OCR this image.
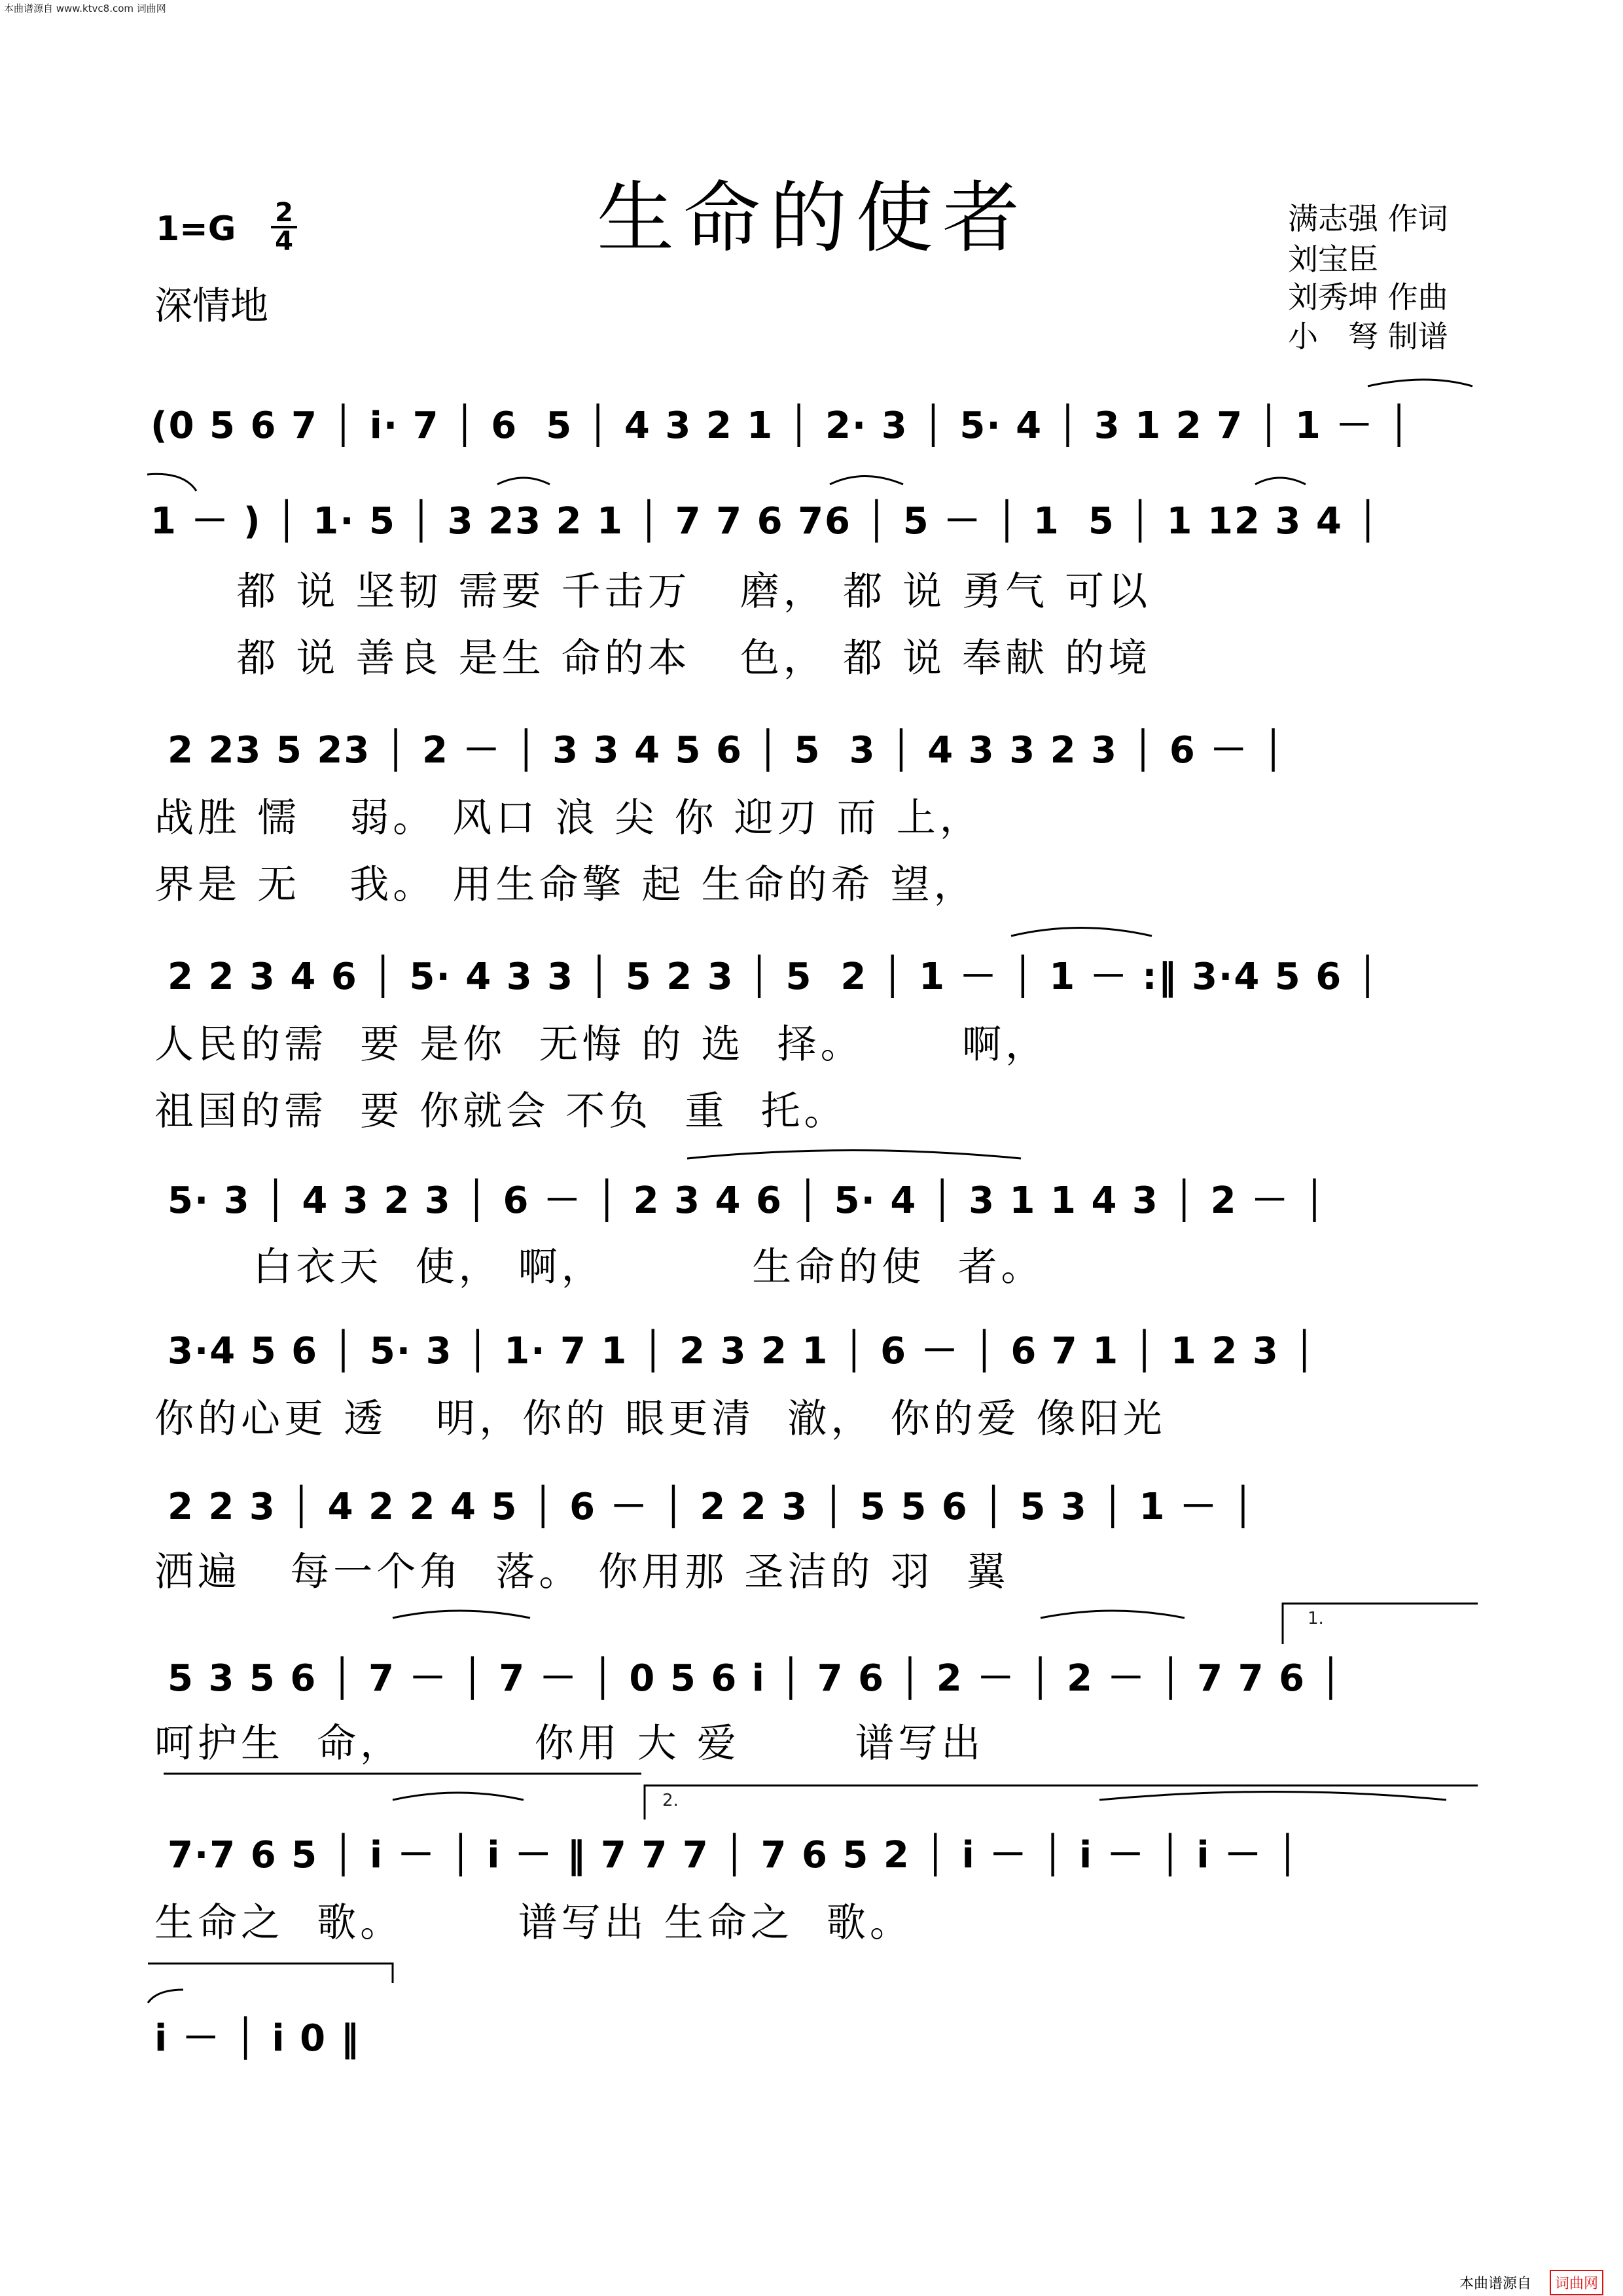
本曲谱源自 www.ktvc8.com 词曲网
生命的使者
$1=G \frac{2}{4}$
深情地
满志强 作词
刘宝臣
刘秀坤 作曲
小　弩 制谱
(0 5 6 7 │ i· 7 │ 6  5 │ 4 3 2 1 │ 2· 3 │ 5· 4 │ 3 1 2 7 │ 1 － │
1 － ) │ 1· 5 │ 3 23 2 1 │ 7 7 6 76 │ 5 － │ 1  5 │ 1 12 3 4 │
都 说 坚韧 需要 千击万   磨， 都 说 勇气 可以
都 说 善良 是生 命的本   色， 都 说 奉献 的境
2 23 5 23 │ 2 － │ 3 3 4 5 6 │ 5  3 │ 4 3 3 2 3 │ 6 － │
战胜 懦   弱。 风口 浪 尖 你 迎刃 而 上，
界是 无   我。 用生命擎 起 生命的希 望，
2 2 3 4 6 │ 5· 4 3 3 │ 5 2 3 │ 5  2 │ 1 － │ 1 － :‖ 3·4 5 6 │
人民的需  要 是你  无悔 的 选  择。      啊，
祖国的需  要 你就会 不负  重  托。
5· 3 │ 4 3 2 3 │ 6 － │ 2 3 4 6 │ 5· 4 │ 3 1 1 4 3 │ 2 － │
白衣天  使， 啊，         生命的使  者。
3·4 5 6 │ 5· 3 │ 1· 7 1 │ 2 3 2 1 │ 6 － │ 6 7 1 │ 1 2 3 │
你的心更 透   明，你的 眼更清  澈， 你的爱 像阳光
2 2 3 │ 4 2 2 4 5 │ 6 － │ 2 2 3 │ 5 5 6 │ 5 3 │ 1 － │
洒遍   每一个角  落。 你用那 圣洁的 羽  翼
1.
5 3 5 6 │ 7 － │ 7 － │ 0 5 6 i │ 7 6 │ 2 － │ 2 － │ 7 7 6 │
呵护生  命，        你用 大 爱       谱写出
2.
7·7 6 5 │ i － │ i － ‖ 7 7 7 │ 7 6 5 2 │ i － │ i － │ i － │
生命之  歌。       谱写出 生命之  歌。
i － │ i 0 ‖
本曲谱源自	词曲网
